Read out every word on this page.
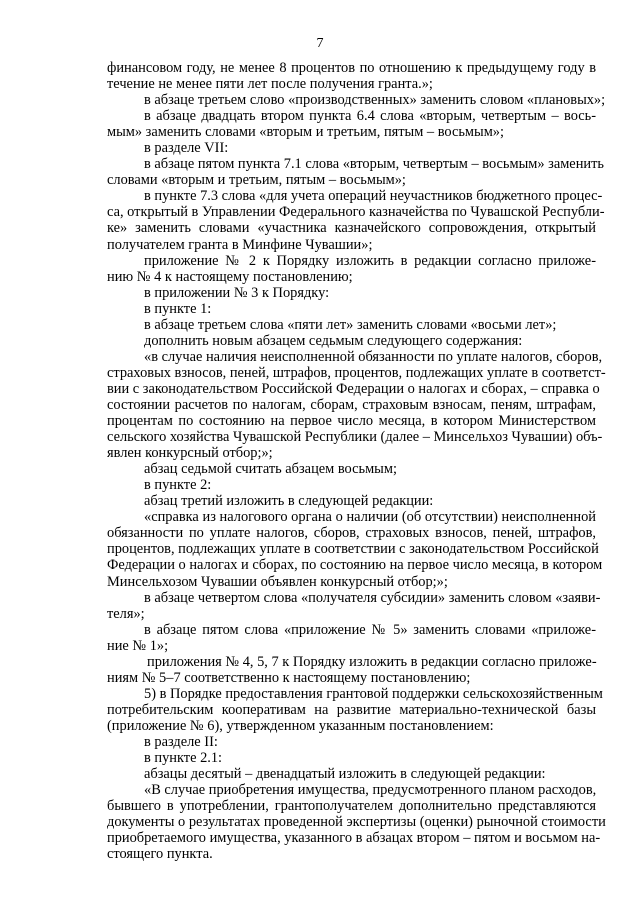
7
финансовом году, не менее 8 процентов по отношению к предыдущему году в
течение не менее пяти лет после получения гранта.»;
в абзаце третьем слово «производственных» заменить словом «плановых»;
в абзаце двадцать втором пункта 6.4 слова «вторым, четвертым – вось-
мым» заменить словами «вторым и третьим, пятым – восьмым»;
в разделе VII:
в абзаце пятом пункта 7.1 слова «вторым, четвертым – восьмым» заменить
словами «вторым и третьим, пятым – восьмым»;
в пункте 7.3 слова «для учета операций неучастников бюджетного процес-
са, открытый в Управлении Федерального казначейства по Чувашской Республи-
ке» заменить словами «участника казначейского сопровождения, открытый
получателем гранта в Минфине Чувашии»;
приложение № 2 к Порядку изложить в редакции согласно приложе-
нию № 4 к настоящему постановлению;
в приложении № 3 к Порядку:
в пункте 1:
в абзаце третьем слова «пяти лет» заменить словами «восьми лет»;
дополнить новым абзацем седьмым следующего содержания:
«в случае наличия неисполненной обязанности по уплате налогов, сборов,
страховых взносов, пеней, штрафов, процентов, подлежащих уплате в соответст-
вии с законодательством Российской Федерации о налогах и сборах, – справка о
состоянии расчетов по налогам, сборам, страховым взносам, пеням, штрафам,
процентам по состоянию на первое число месяца, в котором Министерством
сельского хозяйства Чувашской Республики (далее – Минсельхоз Чувашии) объ-
явлен конкурсный отбор;»;
абзац седьмой считать абзацем восьмым;
в пункте 2:
абзац третий изложить в следующей редакции:
«справка из налогового органа о наличии (об отсутствии) неисполненной
обязанности по уплате налогов, сборов, страховых взносов, пеней, штрафов,
процентов, подлежащих уплате в соответствии с законодательством Российской
Федерации о налогах и сборах, по состоянию на первое число месяца, в котором
Минсельхозом Чувашии объявлен конкурсный отбор;»;
в абзаце четвертом слова «получателя субсидии» заменить словом «заяви-
теля»;
в абзаце пятом слова «приложение № 5» заменить словами «приложе-
ние № 1»;
приложения № 4, 5, 7 к Порядку изложить в редакции согласно приложе-
ниям № 5–7 соответственно к настоящему постановлению;
5) в Порядке предоставления грантовой поддержки сельскохозяйственным
потребительским кооперативам на развитие материально-технической базы
(приложение № 6), утвержденном указанным постановлением:
в разделе II:
в пункте 2.1:
абзацы десятый – двенадцатый изложить в следующей редакции:
«В случае приобретения имущества, предусмотренного планом расходов,
бывшего в употреблении, грантополучателем дополнительно представляются
документы о результатах проведенной экспертизы (оценки) рыночной стоимости
приобретаемого имущества, указанного в абзацах втором – пятом и восьмом на-
стоящего пункта.
